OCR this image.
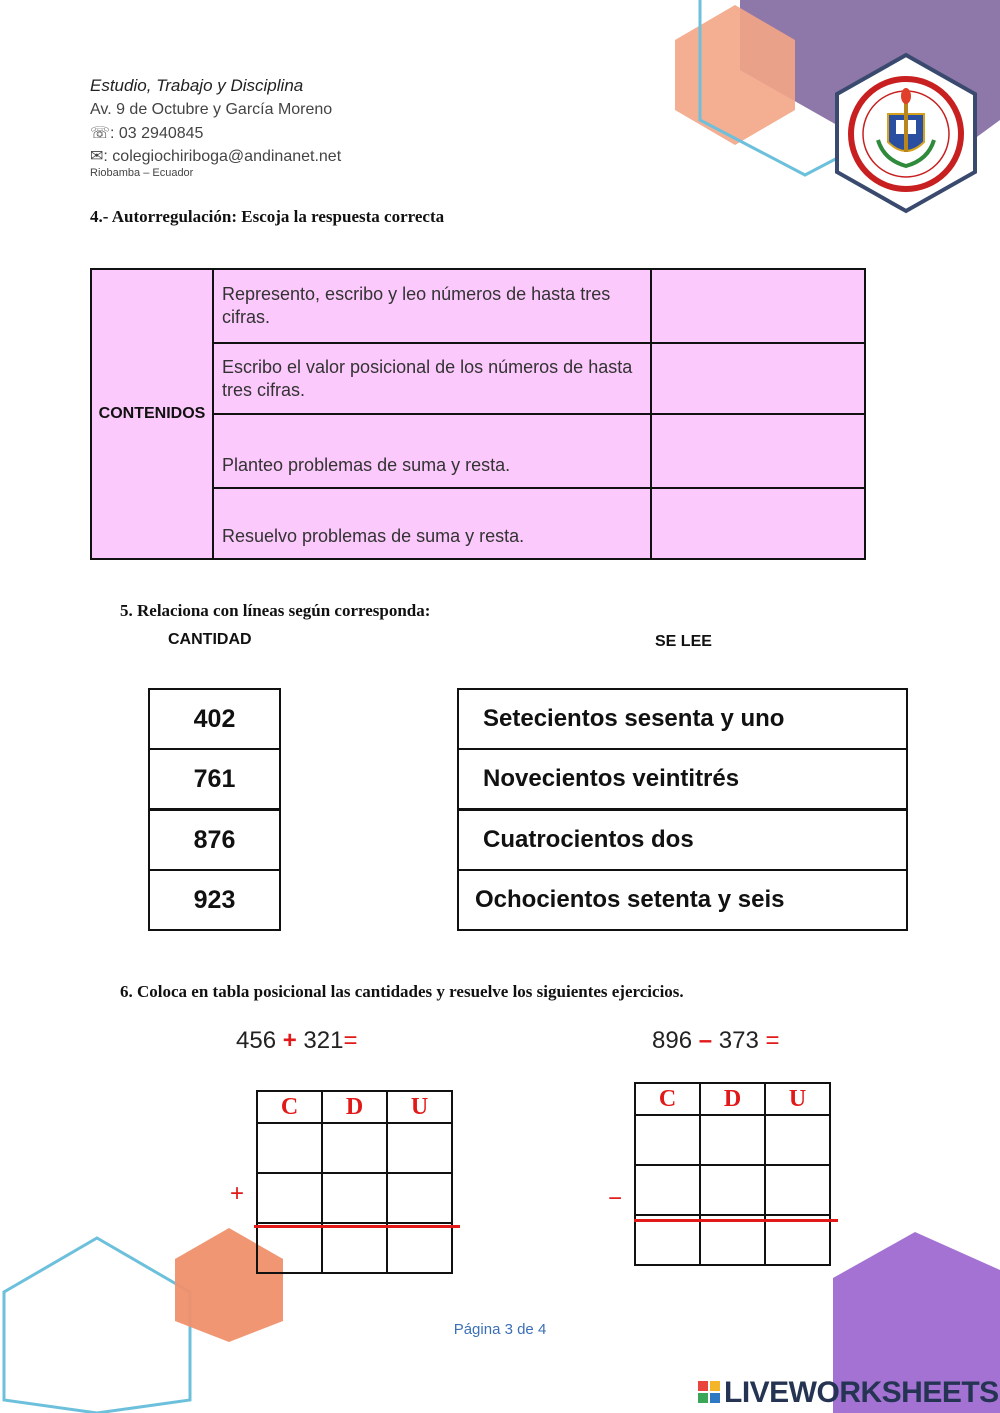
Estudio, Trabajo y Disciplina
Av. 9 de Octubre y García Moreno
☏: 03 2940845
✉: colegiochiriboga@andinanet.net
Riobamba – Ecuador
4.- Autorregulación: Escoja la respuesta correcta
CONTENIDOS	Represento, escribo y leo números de hasta tres cifras.	
	Escribo el valor posicional de los números de hasta tres cifras.	
	Planteo problemas de suma y resta.	
	Resuelvo problemas de suma y resta.	
5. Relaciona con líneas según corresponda:
CANTIDAD	SE LEE
402
761
876
923
Setecientos sesenta y uno
Novecientos veintitrés
Cuatrocientos dos
Ochocientos setenta y seis
6. Coloca en tabla posicional las cantidades y resuelve los siguientes ejercicios.
456 + 321=	896 – 373 =
C	D	U

+
C	D	U

−
Página 3 de 4
LIVEWORKSHEETS
